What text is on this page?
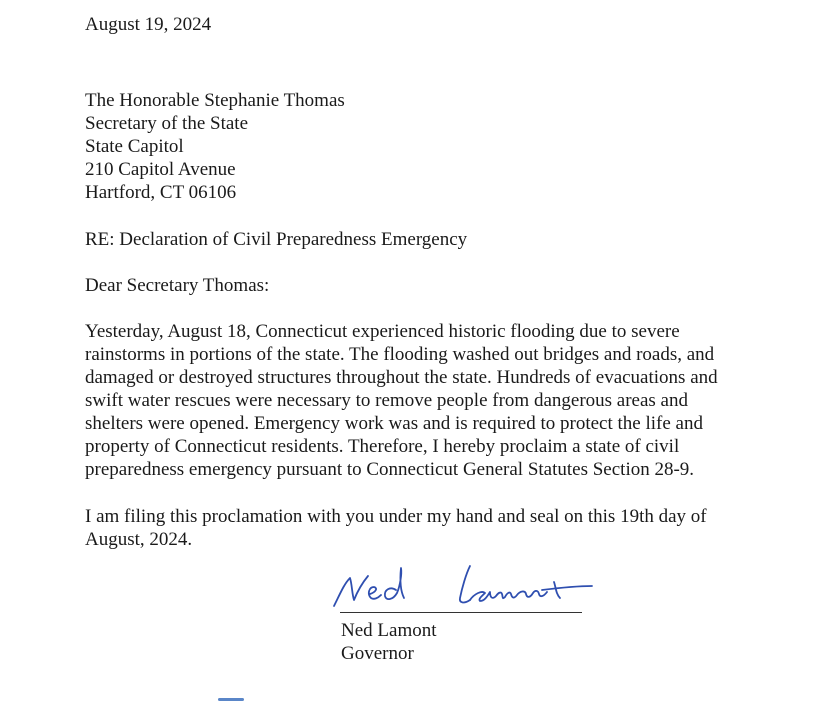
August 19, 2024
The Honorable Stephanie Thomas
Secretary of the State
State Capitol
210 Capitol Avenue
Hartford, CT 06106
RE: Declaration of Civil Preparedness Emergency
Dear Secretary Thomas:
Yesterday, August 18, Connecticut experienced historic flooding due to severe
rainstorms in portions of the state. The flooding washed out bridges and roads, and
damaged or destroyed structures throughout the state. Hundreds of evacuations and
swift water rescues were necessary to remove people from dangerous areas and
shelters were opened. Emergency work was and is required to protect the life and
property of Connecticut residents. Therefore, I hereby proclaim a state of civil
preparedness emergency pursuant to Connecticut General Statutes Section 28-9.
I am filing this proclamation with you under my hand and seal on this 19th day of
August, 2024.
Ned Lamont
Governor
